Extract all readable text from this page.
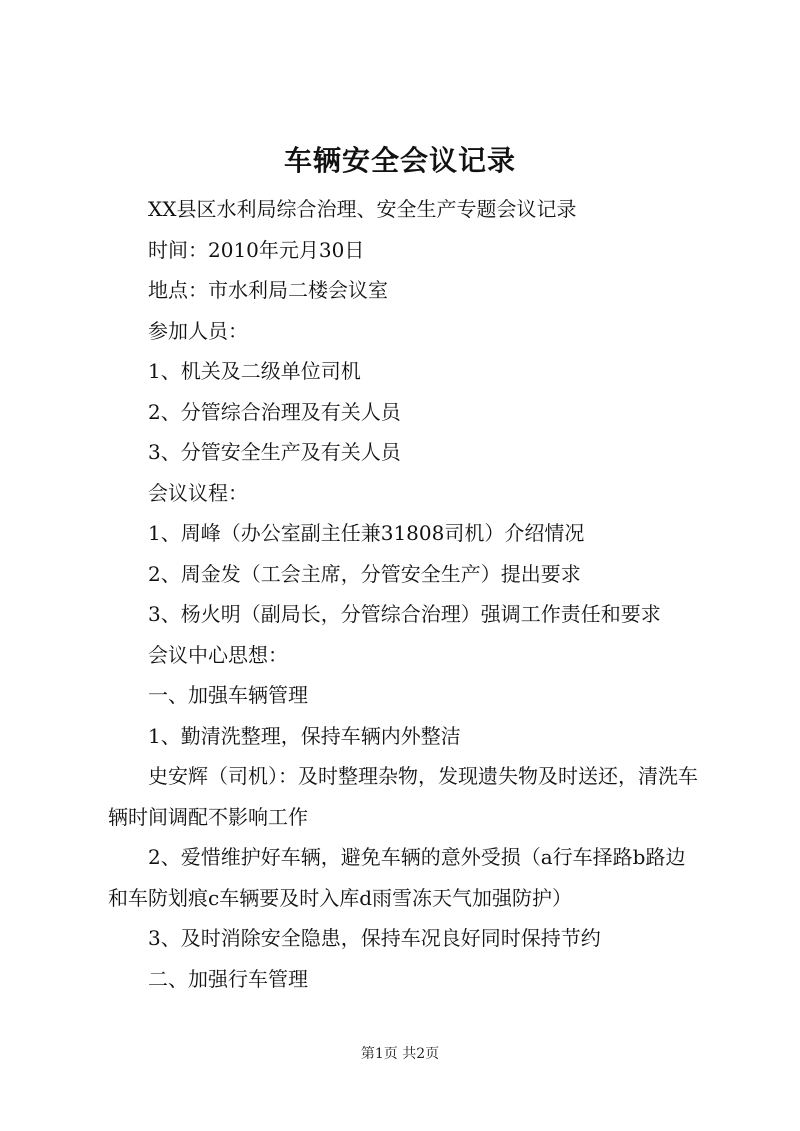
车辆安全会议记录

XX县区水利局综合治理、安全生产专题会议记录

时间：2010年元月30日

地点：市水利局二楼会议室

参加人员：

1、机关及二级单位司机

2、分管综合治理及有关人员

3、分管安全生产及有关人员

会议议程：

1、周峰（办公室副主任兼31808司机）介绍情况

2、周金发（工会主席，分管安全生产）提出要求

3、杨火明（副局长，分管综合治理）强调工作责任和要求

会议中心思想：

一、加强车辆管理

1、勤清洗整理，保持车辆内外整洁

史安辉（司机）：及时整理杂物，发现遗失物及时送还，清洗车辆时间调配不影响工作

2、爱惜维护好车辆，避免车辆的意外受损（a行车择路b路边和车防划痕c车辆要及时入库d雨雪冻天气加强防护）

3、及时消除安全隐患，保持车况良好同时保持节约

二、加强行车管理

第1页 共2页
